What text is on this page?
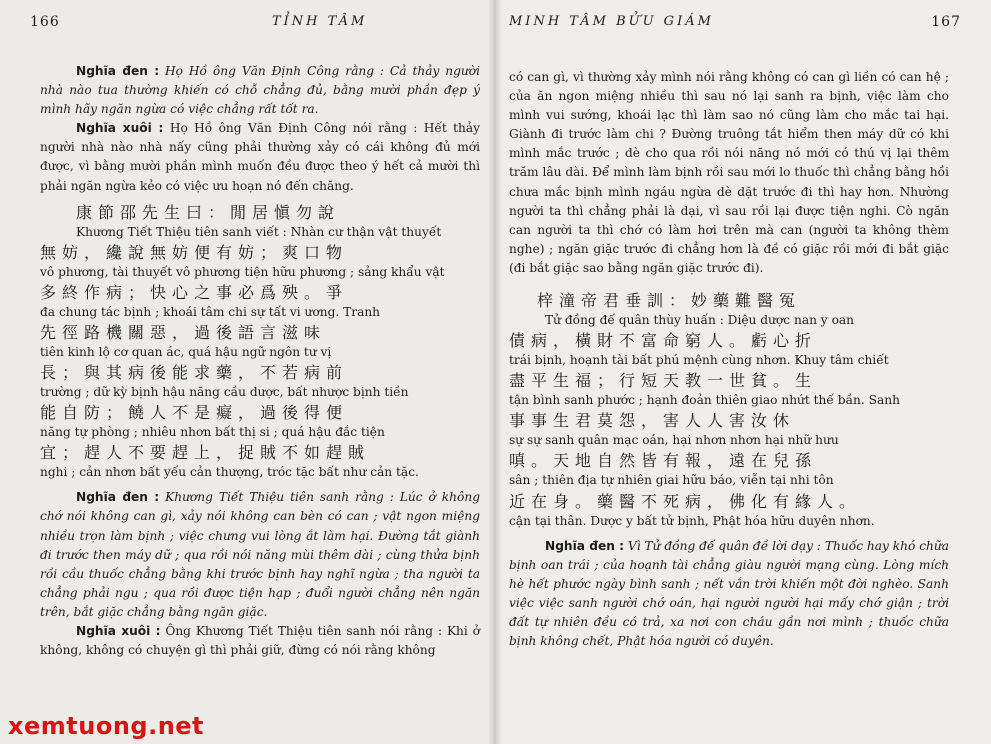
166	TỈNH TÂM

Nghĩa đen : Họ Hồ ông Văn Định Công rằng : Cả thảy người nhà nào tua thường khiến có chỗ chẳng đủ, bằng mười phần đẹp ý mình hãy ngăn ngừa có việc chẳng rất tốt ra.

Nghĩa xuôi : Họ Hồ ông Văn Định Công nói rằng : Hết thảy người nhà nào nhà nấy cũng phải thường xảy có cái không đủ mới được, vì bằng mười phần mình muốn đều được theo ý hết cả mười thì phải ngăn ngừa kẻo có việc ưu hoạn nó đến chăng.

康節邵先生曰：閒居愼勿說

Khương Tiết Thiệu tiên sanh viết : Nhàn cư thận vật thuyết

無妨，纔說無妨便有妨；爽口物

vô phương, tài thuyết vô phương tiện hữu phương ; sảng khẩu vật

多終作病；快心之事必爲殃。爭

đa chung tác bịnh ; khoái tâm chi sự tất vi ương. Tranh

先徑路機關惡，過後語言滋味

tiên kinh lộ cơ quan ác, quá hậu ngữ ngôn tư vị

長；與其病後能求藥，不若病前

trường ; dữ kỳ bịnh hậu năng cầu dược, bất nhược bịnh tiền

能自防；饒人不是癡，過後得便

năng tự phòng ; nhiêu nhơn bất thị si ; quá hậu đắc tiện

宜；趕人不要趕上，捉賊不如趕賊

nghi ; cản nhơn bất yếu cản thượng, tróc tặc bất như cản tặc.

Nghĩa đen : Khương Tiết Thiệu tiên sanh rằng : Lúc ở không chớ nói không can gì, xảy nói không can bèn có can ; vật ngon miệng nhiều trọn làm bịnh ; việc chưng vui lòng ắt làm hại. Đường tắt giành đi trước then máy dữ ; qua rồi nói năng mùi thêm dài ; cùng thửa bịnh rồi cầu thuốc chẳng bằng khi trước bịnh hay nghĩ ngừa ; tha người ta chẳng phải ngu ; qua rồi được tiện hạp ; đuổi người chẳng nên ngăn trên, bắt giặc chẳng bằng ngăn giặc.

Nghĩa xuôi : Ông Khương Tiết Thiệu tiên sanh nói rằng : Khi ở không, không có chuyện gì thì phải giữ, đừng có nói rằng không

MINH TÂM BỬU GIÁM	167

có can gì, vì thường xảy mình nói rằng không có can gì liền có can hệ ; của ăn ngon miệng nhiều thì sau nó lại sanh ra bịnh, việc làm cho mình vui sướng, khoái lạc thì làm sao nó cũng làm cho mắc tai hại. Giành đi trước làm chi ? Đường truông tắt hiểm then máy dữ có khi mình mắc trước ; dè cho qua rồi nói năng nó mới có thú vị lại thêm trăm lâu dài. Để mình làm bịnh rồi sau mới lo thuốc thì chẳng bằng hồi chưa mắc bịnh mình ngáu ngừa dè dặt trước đi thì hay hơn. Nhường người ta thì chẳng phải là dại, vì sau rồi lại được tiện nghi. Cò ngăn can người ta thì chớ có làm hơi trên mà can (người ta không thèm nghe) ; ngăn giặc trước đi chẳng hơn là đề có giặc rồi mới đi bắt giặc (đi bắt giặc sao bằng ngăn giặc trước đi).

梓潼帝君垂訓：妙藥難醫冤

Tử đồng đế quân thùy huấn : Diệu dược nan y oan

債病，橫財不富命窮人。虧心折

trái bịnh, hoạnh tài bất phú mệnh cùng nhơn. Khuy tâm chiết

盡平生福；行短天教一世貧。生

tận bình sanh phước ; hạnh đoản thiên giao nhứt thế bần. Sanh

事事生君莫怨，害人人害汝休

sự sự sanh quân mạc oán, hại nhơn nhơn hại nhữ hưu

嗔。天地自然皆有報，遠在兒孫

sân ; thiên địa tự nhiên giai hữu báo, viễn tại nhi tôn

近在身。藥醫不死病，佛化有緣人。

cận tại thân. Dược y bất tử bịnh, Phật hóa hữu duyên nhơn.

Nghĩa đen : Vì Tử đồng đế quân đề lời dạy : Thuốc hay khó chữa bịnh oan trái ; của hoạnh tài chẳng giàu người mạng cùng. Lòng mích hè hết phước ngày bình sanh ; nết vắn trời khiến một đời nghèo. Sanh việc việc sanh người chớ oán, hại người người hại mấy chớ giận ; trời đất tự nhiên đều có trả, xa nơi con cháu gần nơi mình ; thuốc chữa bịnh không chết, Phật hóa người có duyên.

xemtuong.net
